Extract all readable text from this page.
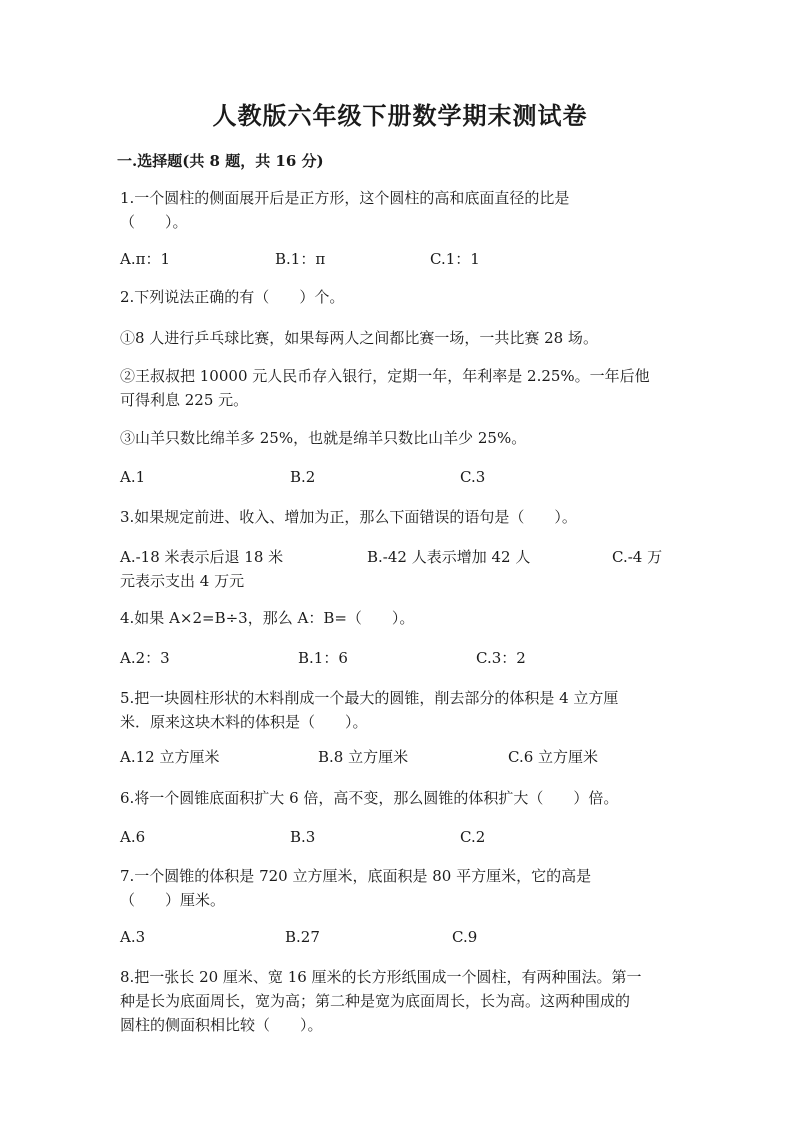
人教版六年级下册数学期末测试卷
一.选择题(共 8 题，共 16 分)
1.一个圆柱的侧面展开后是正方形，这个圆柱的高和底面直径的比是
（　　）。
A.π：1	B.1：π	C.1：1
2.下列说法正确的有（　　）个。
①8 人进行乒乓球比赛，如果每两人之间都比赛一场，一共比赛 28 场。
②王叔叔把 10000 元人民币存入银行，定期一年，年利率是 2.25%。一年后他
可得利息 225 元。
③山羊只数比绵羊多 25%，也就是绵羊只数比山羊少 25%。
A.1	B.2	C.3
3.如果规定前进、收入、增加为正，那么下面错误的语句是（　　）。
A.-18 米表示后退 18 米	B.-42 人表示增加 42 人	C.-4 万
元表示支出 4 万元
4.如果 A×2=B÷3，那么 A：B=（　　）。
A.2：3	B.1：6	C.3：2
5.把一块圆柱形状的木料削成一个最大的圆锥，削去部分的体积是 4 立方厘
米．原来这块木料的体积是（　　）。
A.12 立方厘米	B.8 立方厘米	C.6 立方厘米
6.将一个圆锥底面积扩大 6 倍，高不变，那么圆锥的体积扩大（　　）倍。
A.6	B.3	C.2
7.一个圆锥的体积是 720 立方厘米，底面积是 80 平方厘米，它的高是
（　　）厘米。
A.3	B.27	C.9
8.把一张长 20 厘米、宽 16 厘米的长方形纸围成一个圆柱，有两种围法。第一
种是长为底面周长，宽为高；第二种是宽为底面周长，长为高。这两种围成的
圆柱的侧面积相比较（　　）。
